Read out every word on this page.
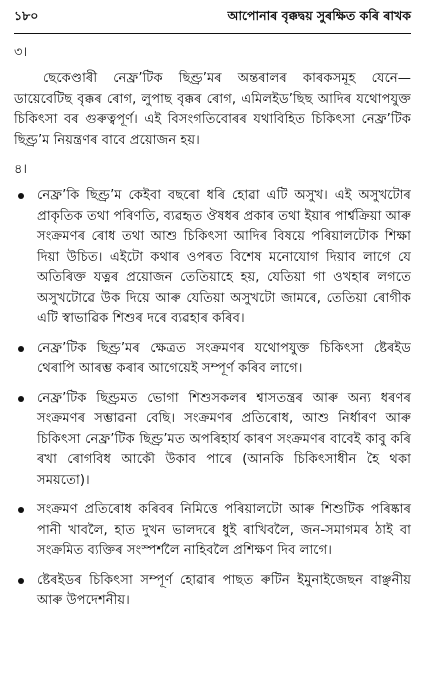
১৮০	আপোনাৰ বৃক্কদ্বয় সুৰক্ষিত কৰি ৰাখক
৩।
ছেকেণ্ডাৰী নেফ্ৰ’টিক ছিণ্ড্ৰ’মৰ অন্তৰালৰ কাৰকসমূহ যেনে— ডায়েবেটিছ বৃক্কৰ ৰোগ, লুপাছ বৃক্কৰ ৰোগ, এমিলইড’ছিছ আদিৰ যথোপযুক্ত চিকিৎসা বৰ গুৰুত্বপূৰ্ণ। এই বিসংগতিবোৰৰ যথাবিহিত চিকিৎসা নেফ্ৰ’টিক ছিণ্ড্ৰ’ম নিয়ন্ত্ৰণৰ বাবে প্ৰয়োজন হয়।
৪।
নেফ্ৰ’কি ছিণ্ড্ৰ’ম কেইবা বছৰো ধৰি হোৱা এটি অসুখ। এই অসুখটোৰ প্ৰাকৃতিক তথা পৰিণতি, ব্যৱহৃত ঔষধৰ প্ৰকাৰ তথা ইয়াৰ পাৰ্শ্বক্ৰিয়া আৰু সংক্ৰমণৰ ৰোধ তথা আশু চিকিৎসা আদিৰ বিষয়ে পৰিয়ালটোক শিক্ষা দিয়া উচিত। এইটো কথাৰ ওপৰত বিশেষ মনোযোগ দিয়াব লাগে যে অতিৰিক্ত যত্নৰ প্ৰয়োজন তেতিয়াহে হয়, যেতিয়া গা ওখহাৰ লগতে অসুখটোৱে উক দিয়ে আৰু যেতিয়া অসুখটো জামৰে, তেতিয়া ৰোগীক এটি স্বাভাৱিক শিশুৰ দৰে ব্যৱহাৰ কৰিব।
নেফ্ৰ’টিক ছিণ্ড্ৰ’মৰ ক্ষেত্ৰত সংক্ৰমণৰ যথোপযুক্ত চিকিৎসা ষ্টেৰইড থেৰাপি আৰম্ভ কৰাৰ আগেয়েই সম্পূৰ্ণ কৰিব লাগে।
নেফ্ৰ’টিক ছিণ্ড্ৰমত ভোগা শিশুসকলৰ শ্বাসতন্ত্ৰৰ আৰু অন্য ধৰণৰ সংক্ৰমণৰ সম্ভাৱনা বেছি। সংক্ৰমণৰ প্ৰতিৰোধ, আশু নিৰ্ধাৰণ আৰু চিকিৎসা নেফ্ৰ’টিক ছিণ্ড্ৰ’মত অপৰিহাৰ্য কাৰণ সংক্ৰমণৰ বাবেই কাবু কৰি ৰখা ৰোগবিধ আকৌ উকাব পাৰে (আনকি চিকিৎসাধীন হৈ থকা সময়তো)।
সংক্ৰমণ প্ৰতিৰোধ কৰিবৰ নিমিত্তে পৰিয়ালটো আৰু শিশুটিক পৰিষ্কাৰ পানী খাবলৈ, হাত দুখন ভালদৰে ধুই ৰাখিবলৈ, জন-সমাগমৰ ঠাই বা সংক্ৰমিত ব্যক্তিৰ সংস্পৰ্শলৈ নাহিবলৈ প্ৰশিক্ষণ দিব লাগে।
ষ্টেৰইডৰ চিকিৎসা সম্পূৰ্ণ হোৱাৰ পাছত ৰুটিন ইমুনাইজেছন বাঞ্ছনীয় আৰু উপদেশনীয়।
